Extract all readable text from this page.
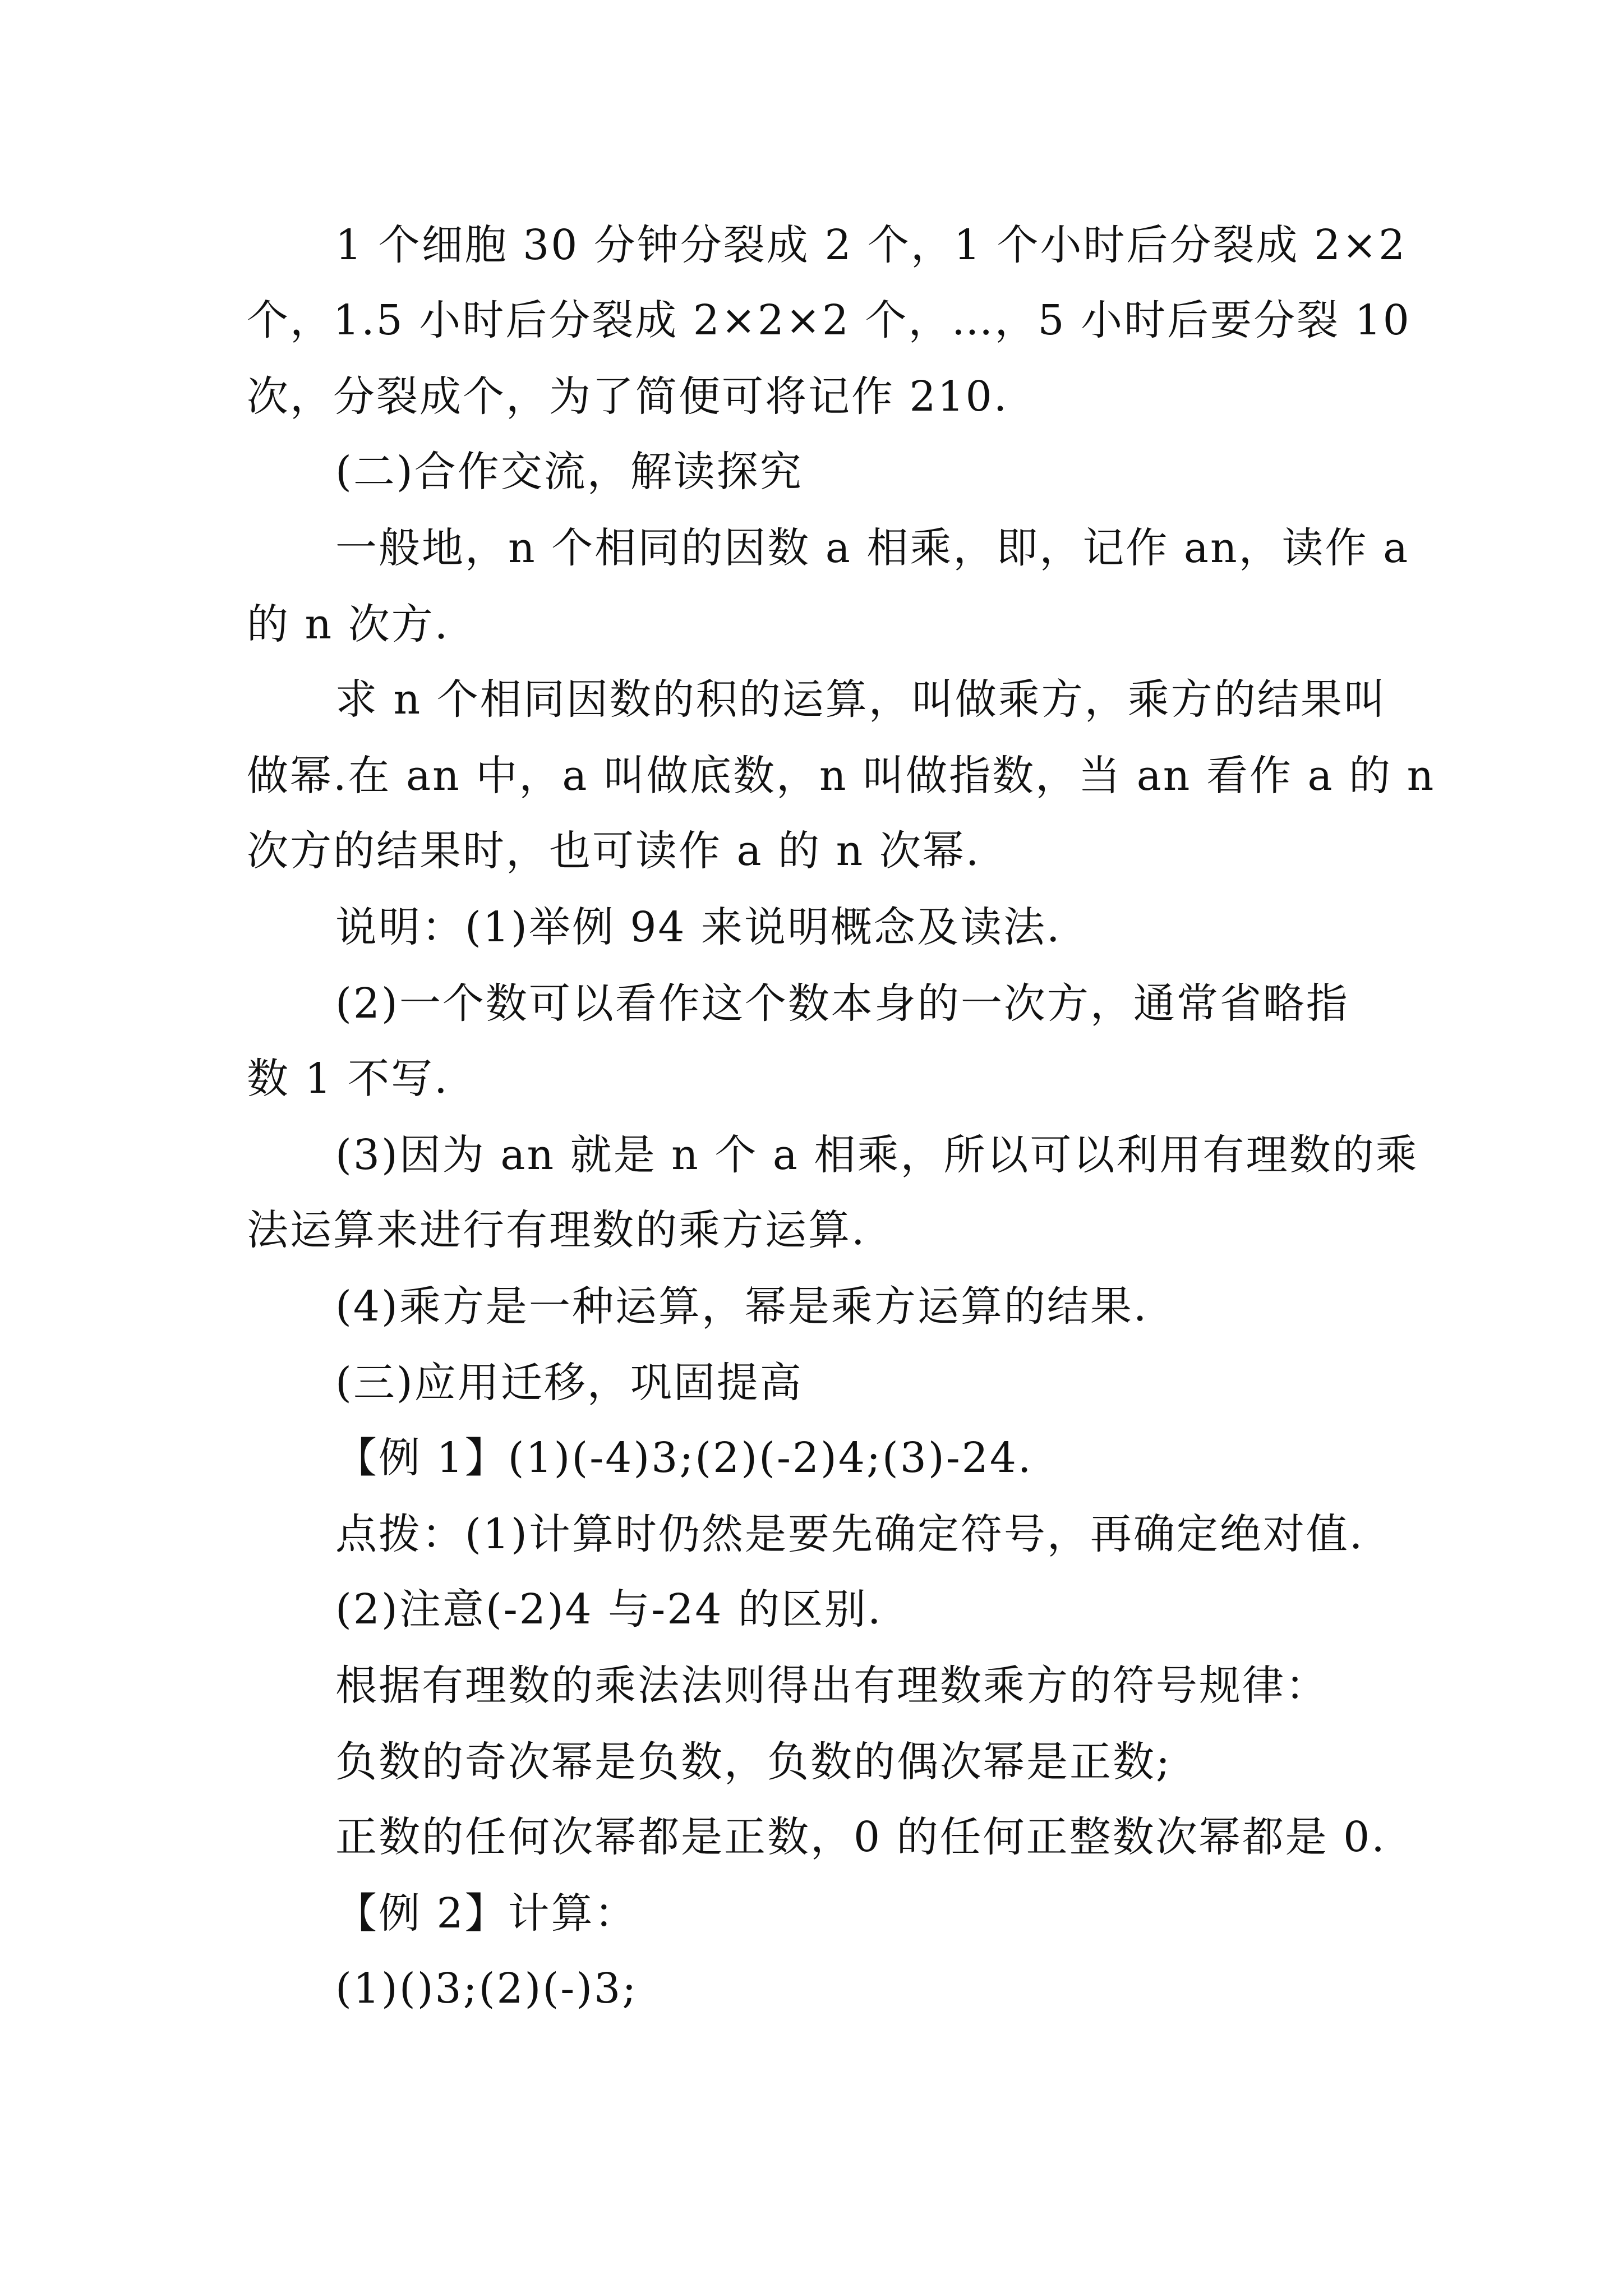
1 个细胞 30 分钟分裂成 2 个，1 个小时后分裂成 2×2
个，1.5 小时后分裂成 2×2×2 个，…，5 小时后要分裂 10
次，分裂成个，为了简便可将记作 210.
(二)合作交流，解读探究
一般地，n 个相同的因数 a 相乘，即，记作 an，读作 a
的 n 次方.
求 n 个相同因数的积的运算，叫做乘方，乘方的结果叫
做幂.在 an 中，a 叫做底数，n 叫做指数，当 an 看作 a 的 n
次方的结果时，也可读作 a 的 n 次幂.
说明：(1)举例 94 来说明概念及读法.
(2)一个数可以看作这个数本身的一次方，通常省略指
数 1 不写.
(3)因为 an 就是 n 个 a 相乘，所以可以利用有理数的乘
法运算来进行有理数的乘方运算.
(4)乘方是一种运算，幂是乘方运算的结果.
(三)应用迁移，巩固提高
【例 1】(1)(-4)3;(2)(-2)4;(3)-24.
点拨：(1)计算时仍然是要先确定符号，再确定绝对值.
(2)注意(-2)4 与-24 的区别.
根据有理数的乘法法则得出有理数乘方的符号规律：
负数的奇次幂是负数，负数的偶次幂是正数;
正数的任何次幂都是正数，0 的任何正整数次幂都是 0.
【例 2】计算：
(1)()3;(2)(-)3;
